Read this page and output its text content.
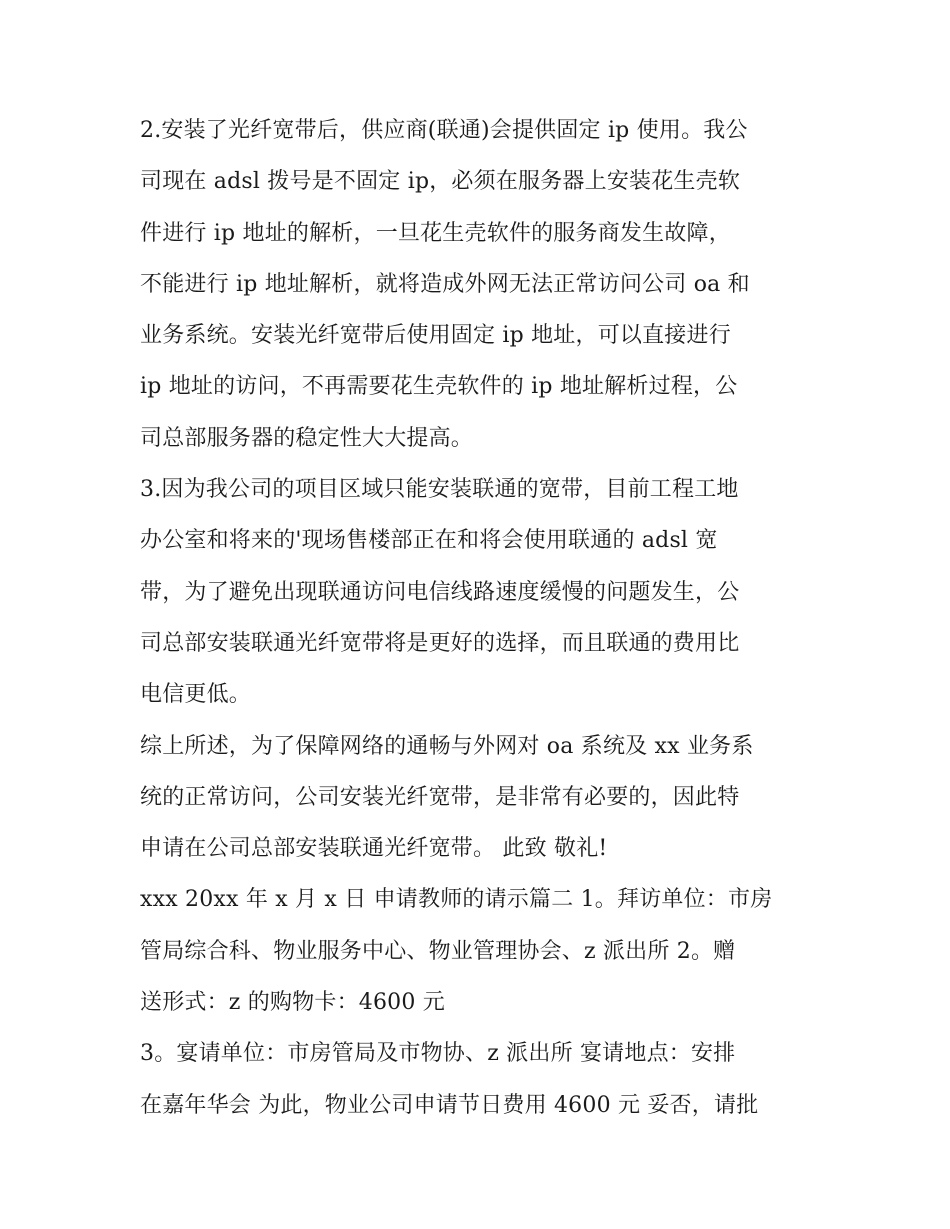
2.安装了光纤宽带后，供应商(联通)会提供固定 ip 使用。我公
司现在 adsl 拨号是不固定 ip，必须在服务器上安装花生壳软
件进行 ip 地址的解析，一旦花生壳软件的服务商发生故障，
不能进行 ip 地址解析，就将造成外网无法正常访问公司 oa 和
业务系统。安装光纤宽带后使用固定 ip 地址，可以直接进行
ip 地址的访问，不再需要花生壳软件的 ip 地址解析过程，公
司总部服务器的稳定性大大提高。
3.因为我公司的项目区域只能安装联通的宽带，目前工程工地
办公室和将来的'现场售楼部正在和将会使用联通的 adsl 宽
带，为了避免出现联通访问电信线路速度缓慢的问题发生，公
司总部安装联通光纤宽带将是更好的选择，而且联通的费用比
电信更低。
综上所述，为了保障网络的通畅与外网对 oa 系统及 xx 业务系
统的正常访问，公司安装光纤宽带，是非常有必要的，因此特
申请在公司总部安装联通光纤宽带。 此致 敬礼!
xxx 20xx 年 x 月 x 日 申请教师的请示篇二 1。拜访单位：市房
管局综合科、物业服务中心、物业管理协会、z 派出所 2。赠
送形式：z 的购物卡：4600 元
3。宴请单位：市房管局及市物协、z 派出所 宴请地点：安排
在嘉年华会 为此，物业公司申请节日费用 4600 元 妥否，请批
